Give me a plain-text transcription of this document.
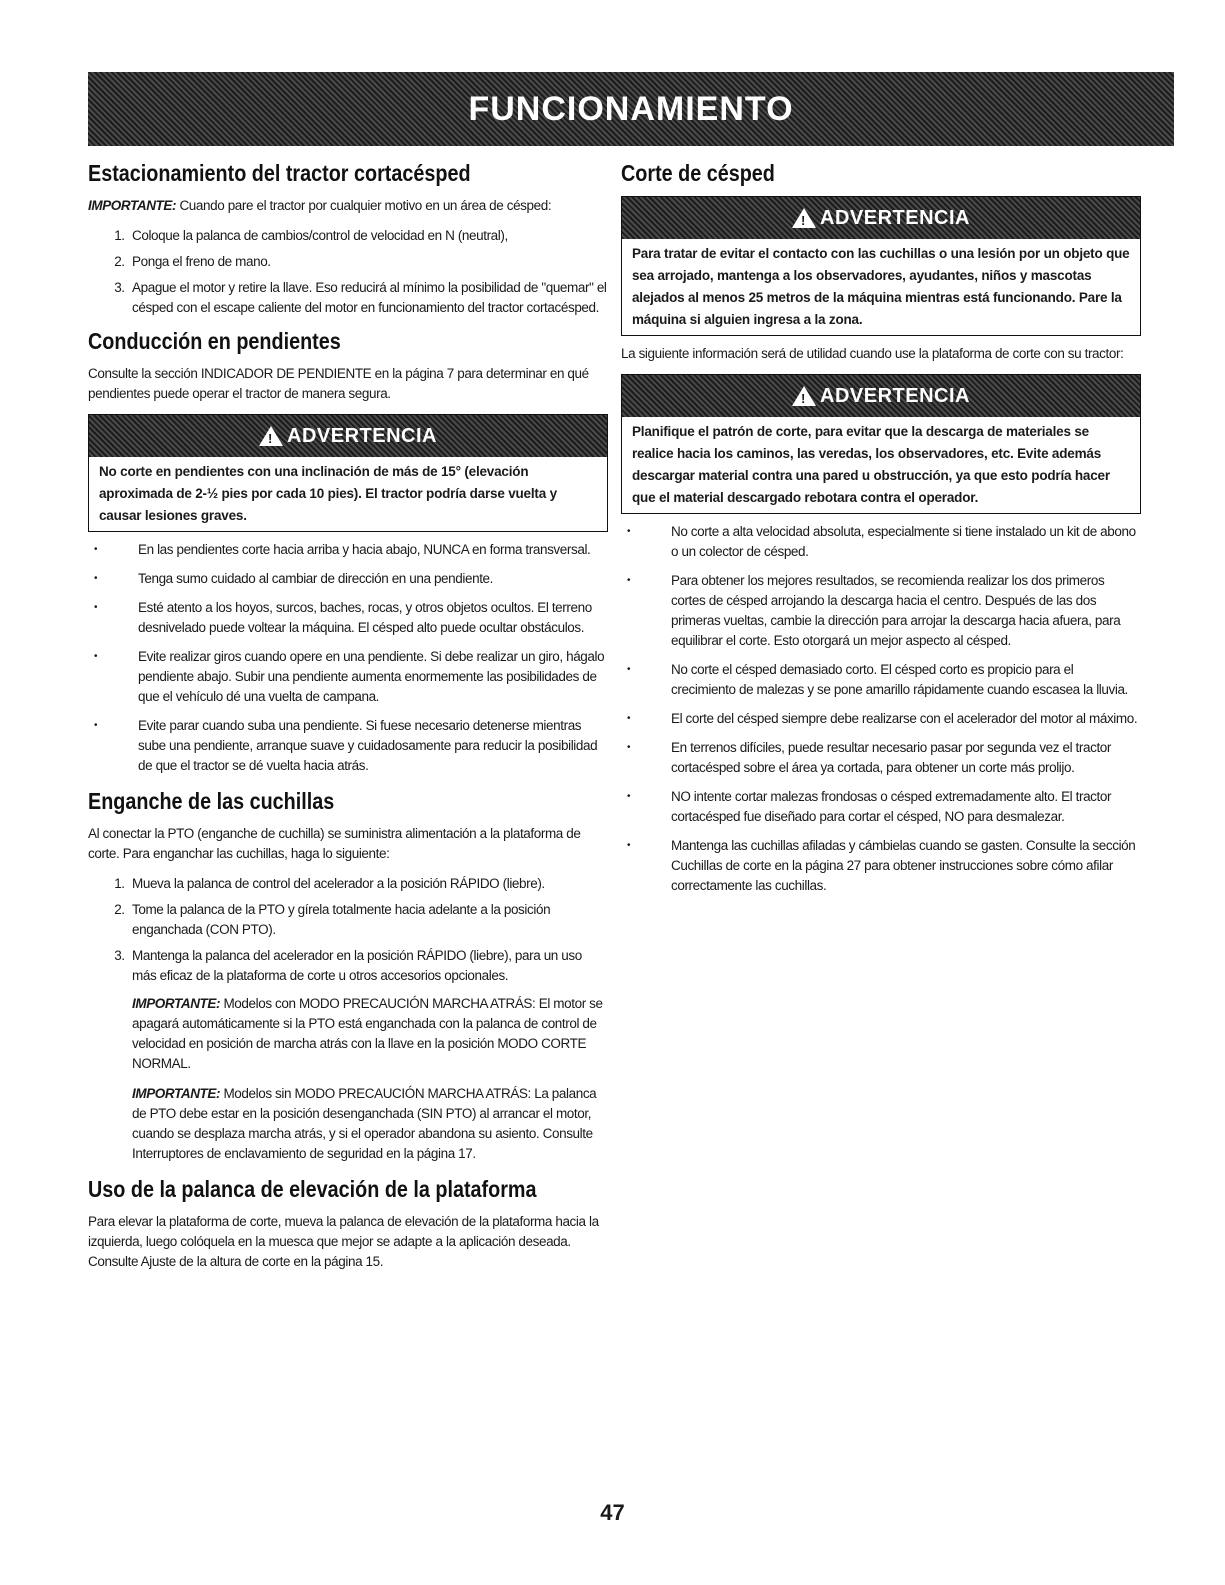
FUNCIONAMIENTO
Estacionamiento del tractor cortacésped

IMPORTANTE: Cuando pare el tractor por cualquier motivo en un área de césped:

1. Coloque la palanca de cambios/control de velocidad en N (neutral),
2. Ponga el freno de mano.
3. Apague el motor y retire la llave. Eso reducirá al mínimo la posibilidad de "quemar" el césped con el escape caliente del motor en funcionamiento del tractor cortacésped.
Conducción en pendientes

Consulte la sección INDICADOR DE PENDIENTE en la página 7 para determinar en qué pendientes puede operar el tractor de manera segura.

!
ADVERTENCIA
No corte en pendientes con una inclinación de más de 15° (elevación aproximada de 2-½ pies por cada 10 pies). El tractor podría darse vuelta y causar lesiones graves.
• En las pendientes corte hacia arriba y hacia abajo, NUNCA en forma transversal.
• Tenga sumo cuidado al cambiar de dirección en una pendiente.
• Esté atento a los hoyos, surcos, baches, rocas, y otros objetos ocultos. El terreno desnivelado puede voltear la máquina. El césped alto puede ocultar obstáculos.
• Evite realizar giros cuando opere en una pendiente. Si debe realizar un giro, hágalo pendiente abajo. Subir una pendiente aumenta enormemente las posibilidades de que el vehículo dé una vuelta de campana.
• Evite parar cuando suba una pendiente. Si fuese necesario detenerse mientras sube una pendiente, arranque suave y cuidadosamente para reducir la posibilidad de que el tractor se dé vuelta hacia atrás.
Enganche de las cuchillas

Al conectar la PTO (enganche de cuchilla) se suministra alimentación a la plataforma de corte. Para enganchar las cuchillas, haga lo siguiente:

1. Mueva la palanca de control del acelerador a la posición RÁPIDO (liebre).
2. Tome la palanca de la PTO y gírela totalmente hacia adelante a la posición enganchada (CON PTO).
3. Mantenga la palanca del acelerador en la posición RÁPIDO (liebre), para un uso más eficaz de la plataforma de corte u otros accesorios opcionales.

IMPORTANTE: Modelos con MODO PRECAUCIÓN MARCHA ATRÁS: El motor se apagará automáticamente si la PTO está enganchada con la palanca de control de velocidad en posición de marcha atrás con la llave en la posición MODO CORTE NORMAL.

IMPORTANTE: Modelos sin MODO PRECAUCIÓN MARCHA ATRÁS: La palanca de PTO debe estar en la posición desenganchada (SIN PTO) al arrancar el motor, cuando se desplaza marcha atrás, y si el operador abandona su asiento. Consulte Interruptores de enclavamiento de seguridad en la página 17.

Uso de la palanca de elevación de la plataforma

Para elevar la plataforma de corte, mueva la palanca de elevación de la plataforma hacia la izquierda, luego colóquela en la muesca que mejor se adapte a la aplicación deseada. Consulte Ajuste de la altura de corte en la página 15.

Corte de césped
!
ADVERTENCIA
Para tratar de evitar el contacto con las cuchillas o una lesión por un objeto que sea arrojado, mantenga a los observadores, ayudantes, niños y mascotas alejados al menos 25 metros de la máquina mientras está funcionando. Pare la máquina si alguien ingresa a la zona.

La siguiente información será de utilidad cuando use la plataforma de corte con su tractor:

!
ADVERTENCIA
Planifique el patrón de corte, para evitar que la descarga de materiales se realice hacia los caminos, las veredas, los observadores, etc. Evite además descargar material contra una pared u obstrucción, ya que esto podría hacer que el material descargado rebotara contra el operador.
• No corte a alta velocidad absoluta, especialmente si tiene instalado un kit de abono o un colector de césped.
• Para obtener los mejores resultados, se recomienda realizar los dos primeros cortes de césped arrojando la descarga hacia el centro. Después de las dos primeras vueltas, cambie la dirección para arrojar la descarga hacia afuera, para equilibrar el corte. Esto otorgará un mejor aspecto al césped.
• No corte el césped demasiado corto. El césped corto es propicio para el crecimiento de malezas y se pone amarillo rápidamente cuando escasea la lluvia.
• El corte del césped siempre debe realizarse con el acelerador del motor al máximo.
• En terrenos difíciles, puede resultar necesario pasar por segunda vez el tractor cortacésped sobre el área ya cortada, para obtener un corte más prolijo.
• NO intente cortar malezas frondosas o césped extremadamente alto. El tractor cortacésped fue diseñado para cortar el césped, NO para desmalezar.
• Mantenga las cuchillas afiladas y cámbielas cuando se gasten. Consulte la sección Cuchillas de corte en la página 27 para obtener instrucciones sobre cómo afilar correctamente las cuchillas.
47
